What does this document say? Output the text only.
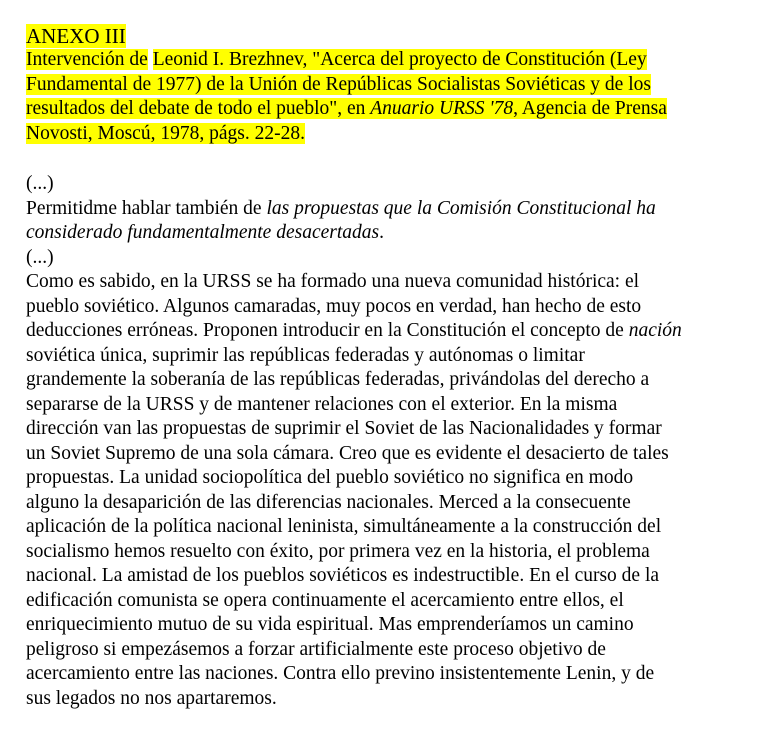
ANEXO III
Intervención de Leonid I. Brezhnev, "Acerca del proyecto de Constitución (Ley
Fundamental de 1977) de la Unión de Repúblicas Socialistas Soviéticas y de los
resultados del debate de todo el pueblo", en Anuario URSS '78, Agencia de Prensa
Novosti, Moscú, 1978, págs. 22-28.
(...)
Permitidme hablar también de las propuestas que la Comisión Constitucional ha
considerado fundamentalmente desacertadas.
(...)
Como es sabido, en la URSS se ha formado una nueva comunidad histórica: el
pueblo soviético. Algunos camaradas, muy pocos en verdad, han hecho de esto
deducciones erróneas. Proponen introducir en la Constitución el concepto de nación
soviética única, suprimir las repúblicas federadas y autónomas o limitar
grandemente la soberanía de las repúblicas federadas, privándolas del derecho a
separarse de la URSS y de mantener relaciones con el exterior. En la misma
dirección van las propuestas de suprimir el Soviet de las Nacionalidades y formar
un Soviet Supremo de una sola cámara. Creo que es evidente el desacierto de tales
propuestas. La unidad sociopolítica del pueblo soviético no significa en modo
alguno la desaparición de las diferencias nacionales. Merced a la consecuente
aplicación de la política nacional leninista, simultáneamente a la construcción del
socialismo hemos resuelto con éxito, por primera vez en la historia, el problema
nacional. La amistad de los pueblos soviéticos es indestructible. En el curso de la
edificación comunista se opera continuamente el acercamiento entre ellos, el
enriquecimiento mutuo de su vida espiritual. Mas emprenderíamos un camino
peligroso si empezásemos a forzar artificialmente este proceso objetivo de
acercamiento entre las naciones. Contra ello previno insistentemente Lenin, y de
sus legados no nos apartaremos.
